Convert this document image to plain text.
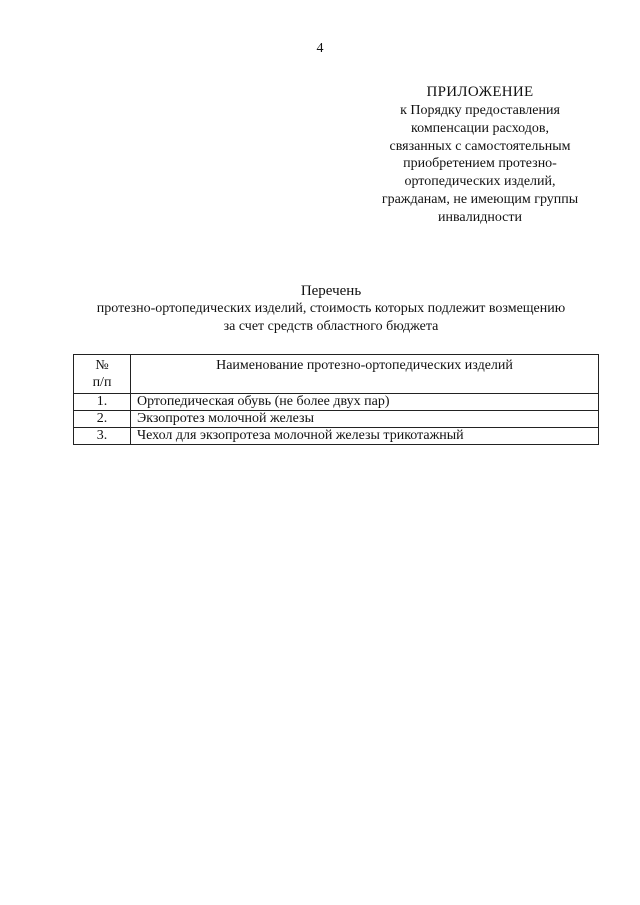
4
ПРИЛОЖЕНИЕ
к Порядку предоставления
компенсации расходов,
связанных с самостоятельным
приобретением протезно-
ортопедических изделий,
гражданам, не имеющим группы
инвалидности
Перечень
протезно-ортопедических изделий, стоимость которых подлежит возмещению
за счет средств областного бюджета
№
п/п	Наименование протезно-ортопедических изделий
1.	Ортопедическая обувь (не более двух пар)
2.	Экзопротез молочной железы
3.	Чехол для экзопротеза молочной железы трикотажный
